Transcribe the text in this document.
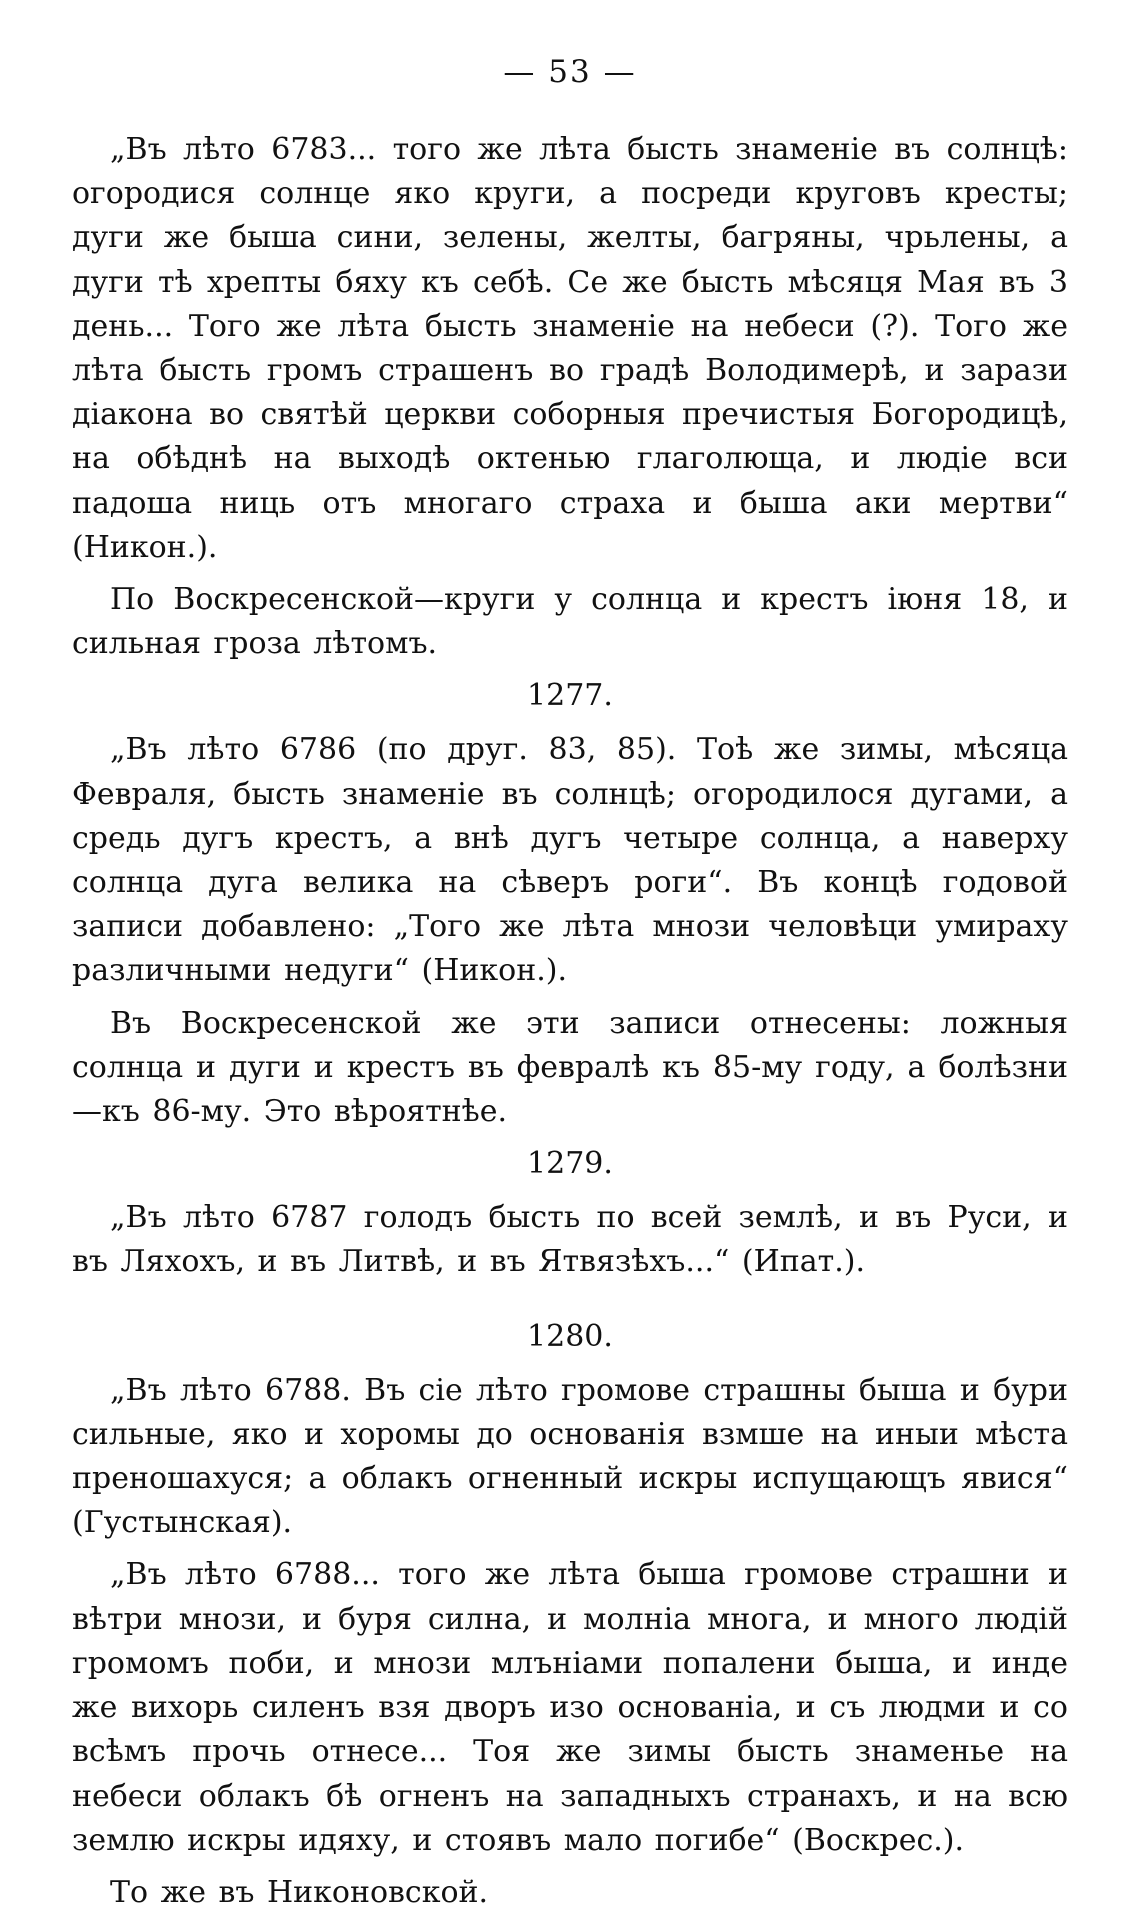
— 53 —

„Въ лѣто 6783... того же лѣта бысть знаменіе въ солнцѣ: огородися солнце яко круги, а посреди круговъ кресты; дуги же быша сини, зелены, желты, багряны, чрьлены, а дуги тѣ хрепты бяху къ себѣ. Се же бысть мѣсяця Мая въ 3 день... Того же лѣта бысть знаменіе на небеси (?). Того же лѣта бысть громъ страшенъ во градѣ Володимерѣ, и зарази діакона во святѣй церкви соборныя пречистыя Богородицѣ, на обѣднѣ на выходѣ октенью глаголюща, и людіе вси падоша ниць отъ многаго страха и быша аки мертви“ (Никон.).

По Воскресенской—круги у солнца и крестъ іюня 18, и сильная гроза лѣтомъ.

1277.

„Въ лѣто 6786 (по друг. 83, 85). Тоѣ же зимы, мѣсяца Февраля, бысть знаменіе въ солнцѣ; огородилося дугами, а средь дугъ крестъ, а внѣ дугъ четыре солнца, а наверху солнца дуга велика на сѣверъ роги“. Въ концѣ годовой записи добавлено: „Того же лѣта мнози человѣци умираху различными недуги“ (Никон.).

Въ Воскресенской же эти записи отнесены: ложныя солнца и дуги и крестъ въ февралѣ къ 85-му году, а болѣзни—къ 86-му. Это вѣроятнѣе.

1279.

„Въ лѣто 6787 голодъ бысть по всей землѣ, и въ Руси, и въ Ляхохъ, и въ Литвѣ, и въ Ятвязѣхъ...“ (Ипат.).

1280.

„Въ лѣто 6788. Въ сіе лѣто громове страшны быша и бури сильные, яко и хоромы до основанія взмше на иныи мѣста преношахуся; а облакъ огненный искры испущающъ явися“ (Густынская).

„Въ лѣто 6788... того же лѣта быша громове страшни и вѣтри мнози, и буря силна, и молніа многа, и много людій громомъ поби, и мнози млъніами попалени быша, и инде же вихорь силенъ взя дворъ изо основаніа, и съ людми и со всѣмъ прочь отнесе... Тоя же зимы бысть знаменье на небеси облакъ бѣ огненъ на западныхъ странахъ, и на всю землю искры идяху, и стоявъ мало погибе“ (Воскрес.).

То же въ Никоновской.
